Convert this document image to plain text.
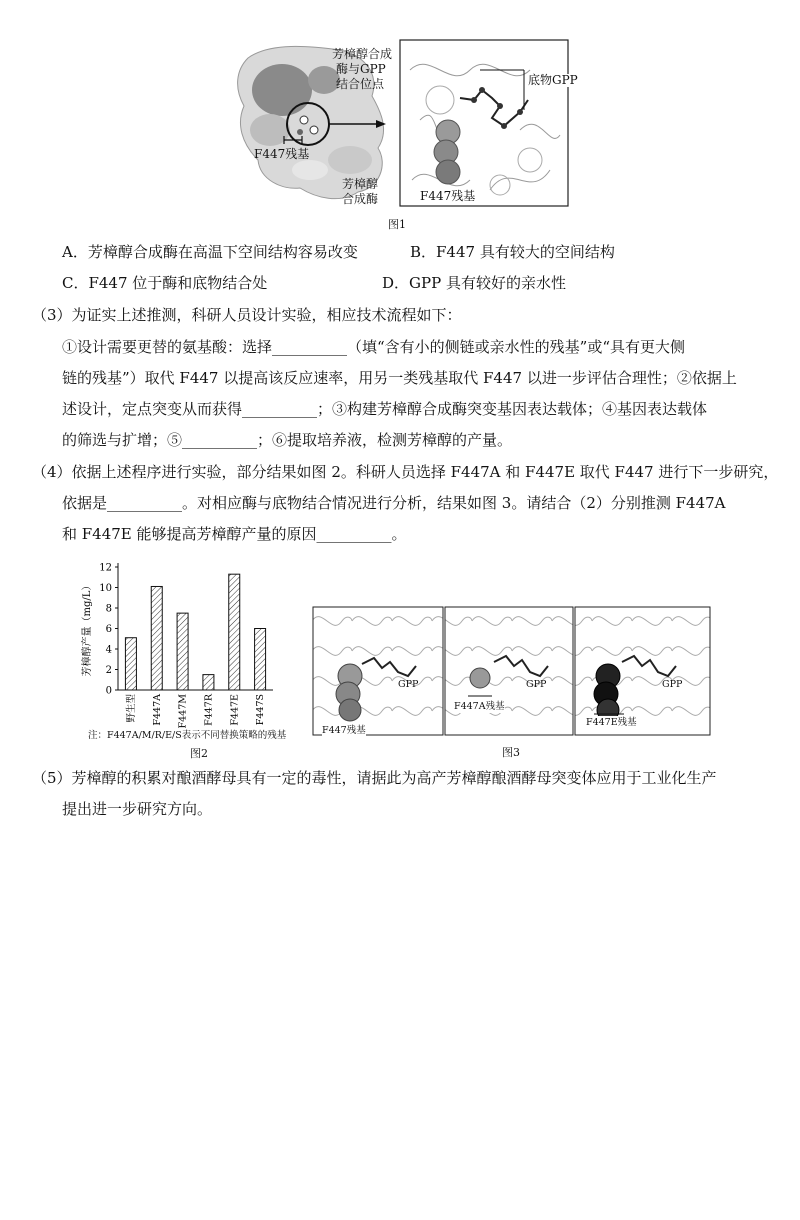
芳樟醇合成
酶与GPP
结合位点
F447残基
芳樟醇
合成酶
底物GPP
F447残基
图1
A．芳樟醇合成酶在高温下空间结构容易改变	B．F447 具有较大的空间结构
C．F447 位于酶和底物结合处	D．GPP 具有较好的亲水性
（3）为证实上述推测，科研人员设计实验，相应技术流程如下：
①设计需要更替的氨基酸：选择__________（填“含有小的侧链或亲水性的残基”或“具有更大侧
链的残基”）取代 F447 以提高该反应速率，用另一类残基取代 F447 以进一步评估合理性；②依据上
述设计，定点突变从而获得__________；③构建芳樟醇合成酶突变基因表达载体；④基因表达载体
的筛选与扩增；⑤__________；⑥提取培养液，检测芳樟醇的产量。
（4）依据上述程序进行实验，部分结果如图 2。科研人员选择 F447A 和 F447E 取代 F447 进行下一步研究，
依据是__________。对相应酶与底物结合情况进行分析，结果如图 3。请结合（2）分别推测 F447A
和 F447E 能够提高芳樟醇产量的原因__________。
0
2
4
6
8
10
12
野生型 F447A F447M F447R F447E F447S
芳樟醇产量（mg/L）
注：F447A/M/R/E/S表示不同替换策略的残基
图2
GPP
F447残基
GPP
F447A残基
GPP
F447E残基
图3
（5）芳樟醇的积累对酿酒酵母具有一定的毒性，请据此为高产芳樟醇酿酒酵母突变体应用于工业化生产
提出进一步研究方向。
